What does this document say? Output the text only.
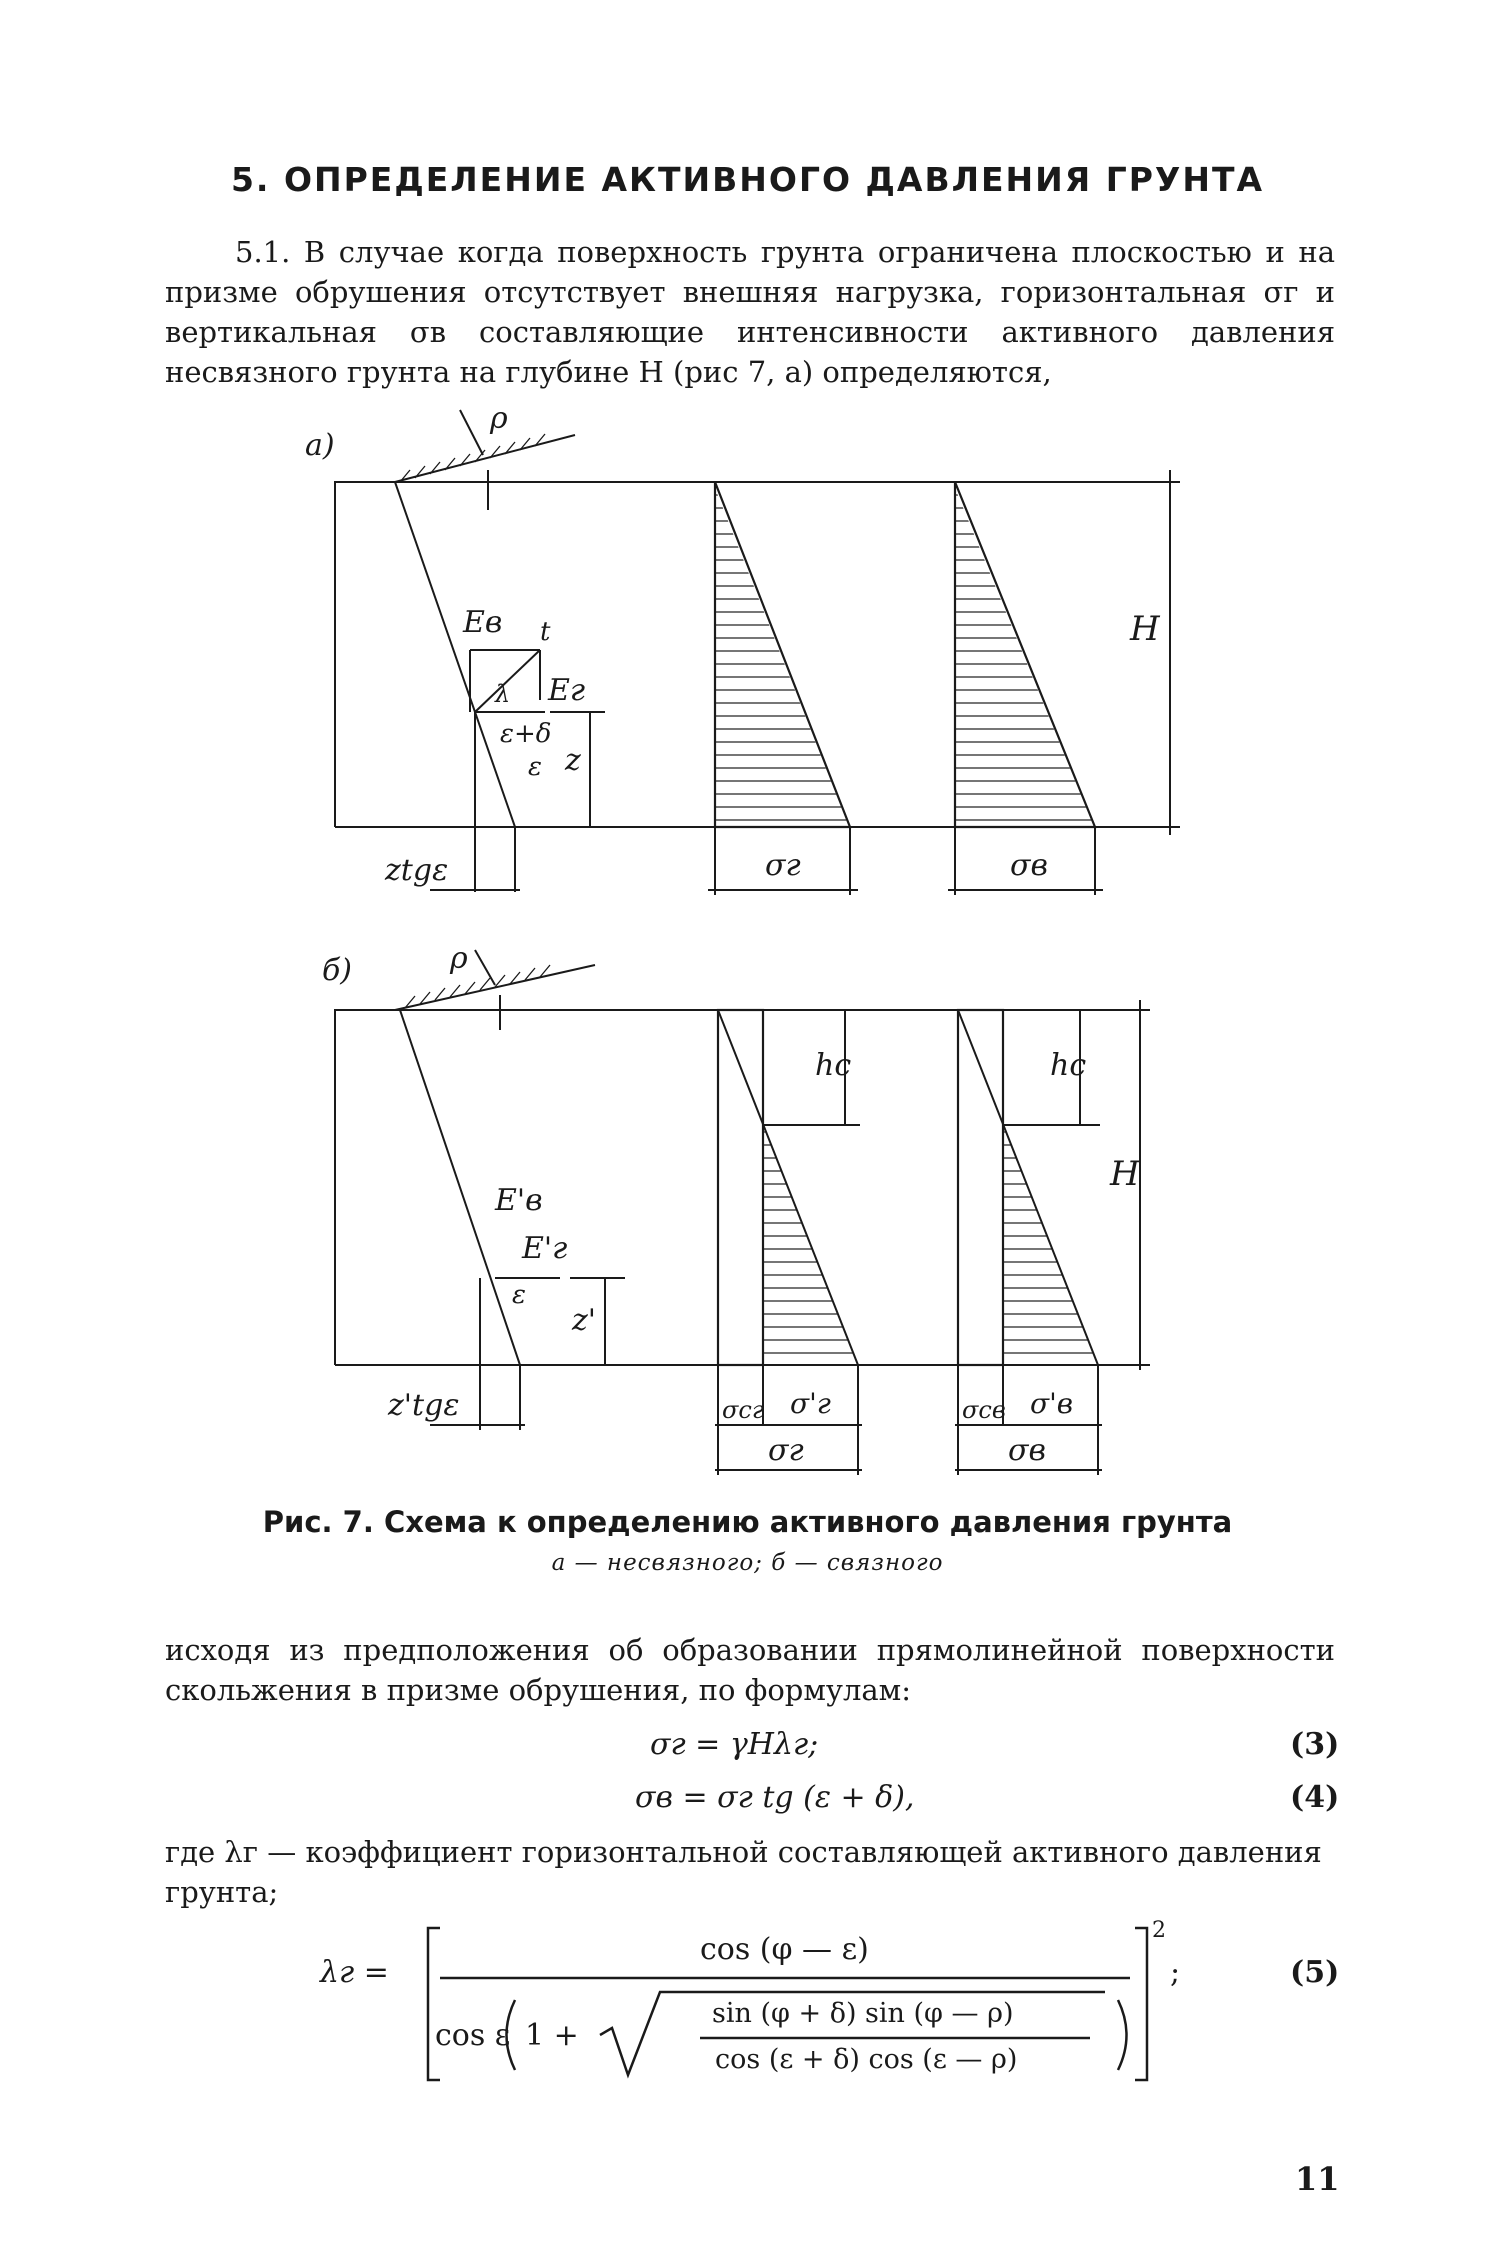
5. ОПРЕДЕЛЕНИЕ АКТИВНОГО ДАВЛЕНИЯ ГРУНТА
5.1. В случае когда поверхность грунта ограничена плоскостью и на призме обрушения отсутствует внешняя нагрузка, горизонтальная σг и вертикальная σв составляющие интенсивности активного давления несвязного грунта на глубине H (рис 7, а) определяются,
а)
ρ
Eв t
λ Eг
ε+δ
ε z
H
ztgε	σг	σв
б)	ρ
E'в
E'г
ε
z'
hc	hc
H
z'tgε	σcг σ'г
σг
σcв σ'в
σв
Рис. 7. Схема к определению активного давления грунта
а — несвязного; б — связного
исходя из предположения об образовании прямолинейной поверхности скольжения в призме обрушения, по формулам:
σг = γHλг;	(3)
σв = σг tg (ε + δ),	(4)
где λг — коэффициент горизонтальной составляющей активного давления грунта;
λг =
cos (φ — ε)
cos ε 1 +
sin (φ + δ) sin (φ — ρ)
cos (ε + δ) cos (ε — ρ)
2
;	(5)
11
